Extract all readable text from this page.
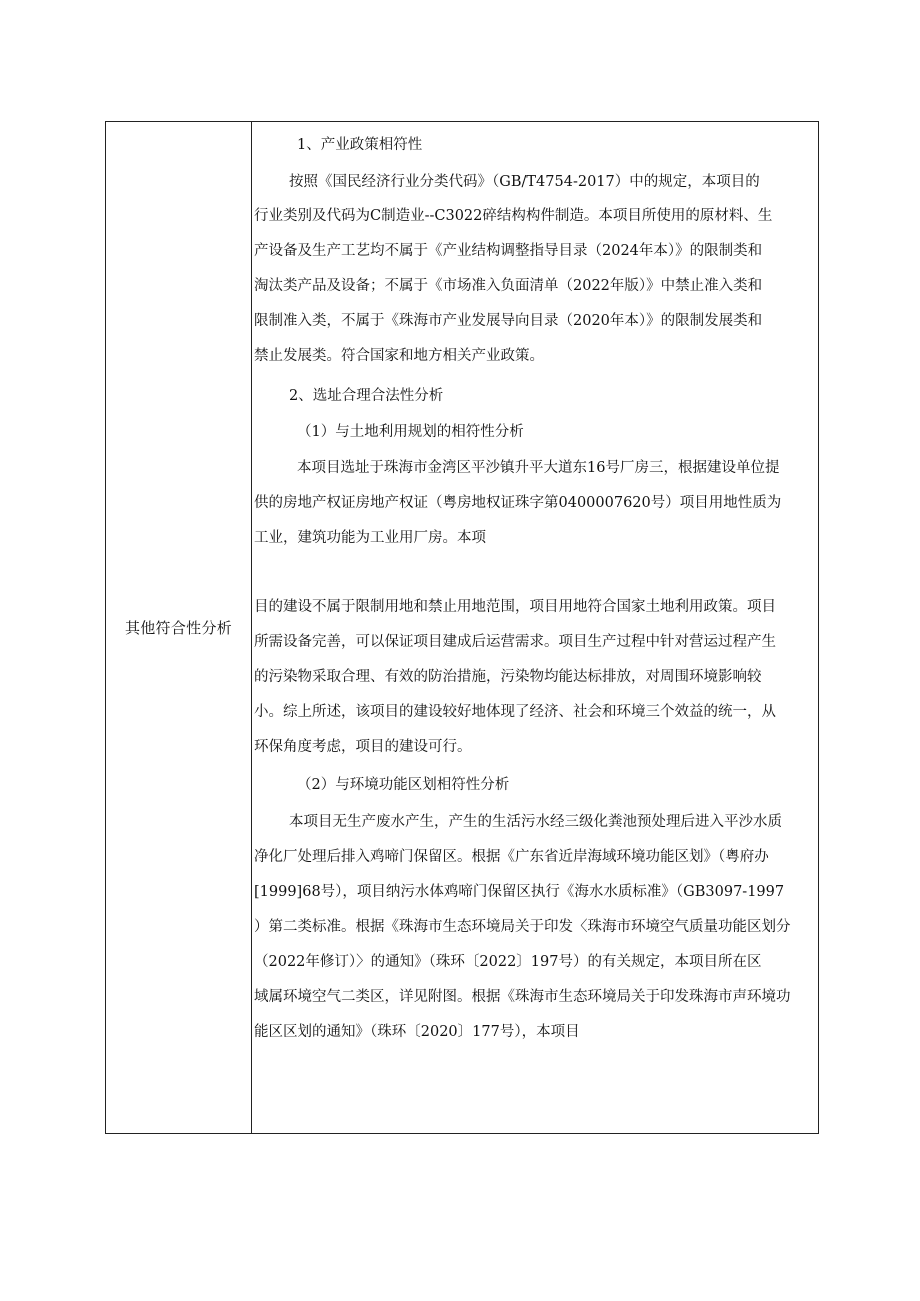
其他符合性分析
1、产业政策相符性
按照《国民经济行业分类代码》（GB/T4754-2017）中的规定，本项目的
行业类别及代码为C制造业--C3022碎结构构件制造。本项目所使用的原材料、生
产设备及生产工艺均不属于《产业结构调整指导目录（2024年本）》的限制类和
淘汰类产品及设备；不属于《市场准入负面清单（2022年版）》中禁止准入类和
限制准入类，不属于《珠海市产业发展导向目录（2020年本）》的限制发展类和
禁止发展类。符合国家和地方相关产业政策。
2、选址合理合法性分析
（1）与土地利用规划的相符性分析
本项目选址于珠海市金湾区平沙镇升平大道东16号厂房三，根据建设单位提
供的房地产权证房地产权证（粤房地权证珠字第0400007620号）项目用地性质为
工业，建筑功能为工业用厂房。本项
目的建设不属于限制用地和禁止用地范围，项目用地符合国家土地利用政策。项目
所需设备完善，可以保证项目建成后运营需求。项目生产过程中针对营运过程产生
的污染物采取合理、有效的防治措施，污染物均能达标排放，对周围环境影响较
小。综上所述，该项目的建设较好地体现了经济、社会和环境三个效益的统一，从
环保角度考虑，项目的建设可行。
（2）与环境功能区划相符性分析
本项目无生产废水产生，产生的生活污水经三级化粪池预处理后进入平沙水质
净化厂处理后排入鸡啼门保留区。根据《广东省近岸海域环境功能区划》（粤府办
[1999]68号），项目纳污水体鸡啼门保留区执行《海水水质标准》（GB3097-1997
）第二类标准。根据《珠海市生态环境局关于印发〈珠海市环境空气质量功能区划分
（2022年修订）〉的通知》（珠环〔2022〕197号）的有关规定，本项目所在区
域属环境空气二类区，详见附图。根据《珠海市生态环境局关于印发珠海市声环境功
能区区划的通知》（珠环〔2020〕177号），本项目
